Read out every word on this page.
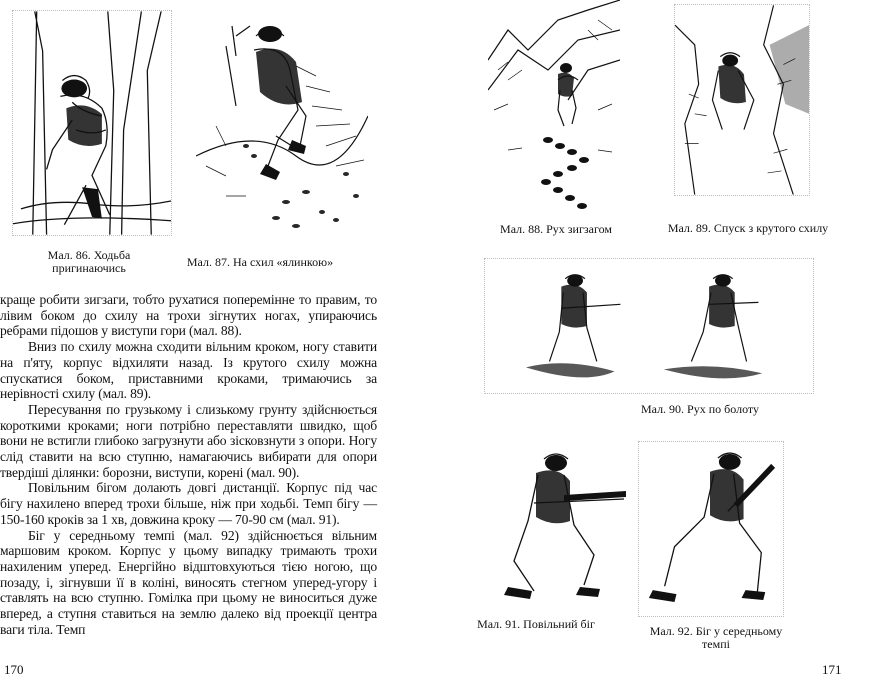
Мал. 86. Ходьба пригинаючись	Мал. 87. На схил «ялинкою»

краще робити зигзаги, тобто рухатися поперемінне то правим, то лівим боком до схилу на трохи зігнутих ногах, упираючись ребрами підошов у виступи гори (мал. 88).

Вниз по схилу можна сходити вільним кроком, ногу ставити на п'яту, корпус відхиляти назад. Із крутого схилу можна спускатися боком, приставними кроками, тримаючись за нерівності схилу (мал. 89).

Пересування по грузькому і слизькому грунту здійснюється короткими кроками; ноги потрібно переставляти швидко, щоб вони не встигли глибоко загрузнути або зісковзнути з опори. Ногу слід ставити на всю ступню, намагаючись вибирати для опори твердіші ділянки: борозни, виступи, корені (мал. 90).

Повільним бігом долають довгі дистанції. Корпус під час бігу нахилено вперед трохи більше, ніж при ходьбі. Темп бігу — 150-160 кроків за 1 хв, довжина кроку — 70-90 см (мал. 91).

Біг у середньому темпі (мал. 92) здійснюється вільним маршовим кроком. Корпус у цьому випадку тримають трохи нахиленим уперед. Енергійно відштовхуються тією ногою, що позаду, і, зігнувши її в коліні, виносять стегном уперед-угору і ставлять на всю ступню. Гомілка при цьому не виноситься дуже вперед, а ступня ставиться на землю далеко від проекції центра ваги тіла. Темп

170
Мал. 88. Рух зигзагом	Мал. 89. Спуск з крутого схилу
Мал. 90. Рух по болоту
Мал. 91. Повільний біг	Мал. 92. Біг у середньому темпі
171
